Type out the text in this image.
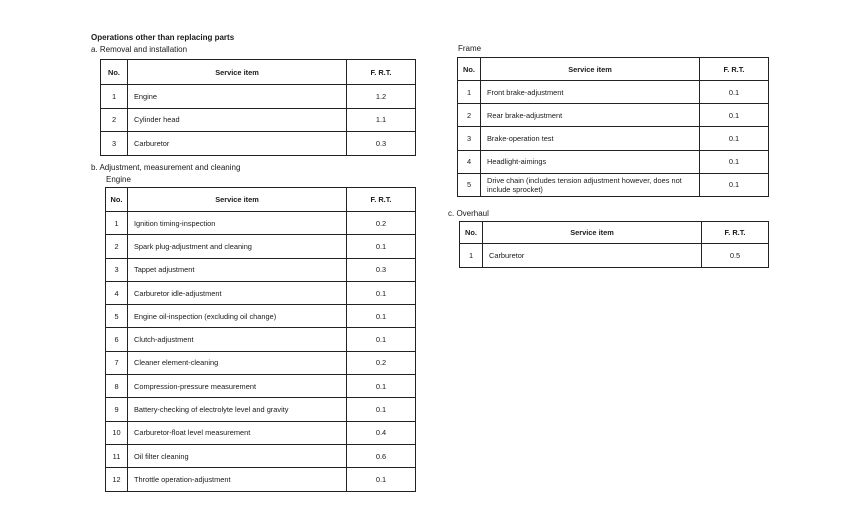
Operations other than replacing parts
a. Removal and installation
No.	Service item	F. R.T.
1	Engine	1.2
2	Cylinder head	1.1
3	Carburetor	0.3
b. Adjustment, measurement and cleaning
Engine
No.	Service item	F. R.T.
1	Ignition timing-inspection	0.2
2	Spark plug-adjustment and cleaning	0.1
3	Tappet adjustment	0.3
4	Carburetor idle-adjustment	0.1
5	Engine oil-inspection (excluding oil change)	0.1
6	Clutch-adjustment	0.1
7	Cleaner element-cleaning	0.2
8	Compression-pressure measurement	0.1
9	Battery-checking of electrolyte level and gravity	0.1
10	Carburetor-float level measurement	0.4
11	Oil filter cleaning	0.6
12	Throttle operation-adjustment	0.1
Frame
No.	Service item	F. R.T.
1	Front brake-adjustment	0.1
2	Rear brake-adjustment	0.1
3	Brake-operation test	0.1
4	Headlight-aimings	0.1
5	Drive chain (includes tension adjustment however, does not include sprocket)	0.1
c. Overhaul
No.	Service item	F. R.T.
1	Carburetor	0.5
